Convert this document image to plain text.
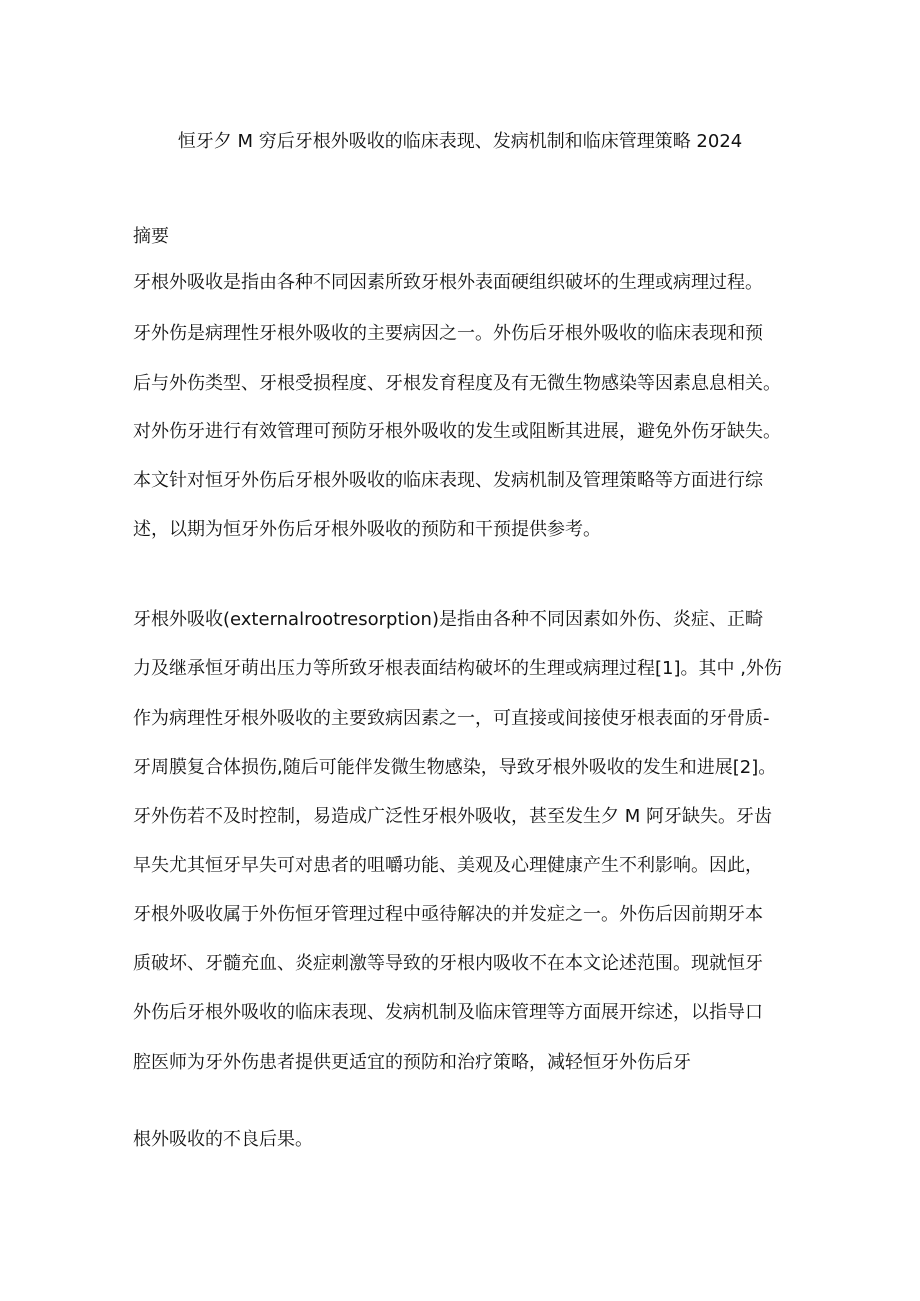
恒牙夕 M 穷后牙根外吸收的临床表现、发病机制和临床管理策略 2024
摘要
牙根外吸收是指由各种不同因素所致牙根外表面硬组织破坏的生理或病理过程。
牙外伤是病理性牙根外吸收的主要病因之一。外伤后牙根外吸收的临床表现和预
后与外伤类型、牙根受损程度、牙根发育程度及有无微生物感染等因素息息相关。
对外伤牙进行有效管理可预防牙根外吸收的发生或阻断其进展，避免外伤牙缺失。
本文针对恒牙外伤后牙根外吸收的临床表现、发病机制及管理策略等方面进行综
述，以期为恒牙外伤后牙根外吸收的预防和干预提供参考。
牙根外吸收(externalrootresorption)是指由各种不同因素如外伤、炎症、正畸
力及继承恒牙萌出压力等所致牙根表面结构破坏的生理或病理过程[1]。其中 ,外伤
作为病理性牙根外吸收的主要致病因素之一，可直接或间接使牙根表面的牙骨质-
牙周膜复合体损伤,随后可能伴发微生物感染，导致牙根外吸收的发生和进展[2]。
牙外伤若不及时控制，易造成广泛性牙根外吸收，甚至发生夕 M 阿牙缺失。牙齿
早失尤其恒牙早失可对患者的咀嚼功能、美观及心理健康产生不利影响。因此，
牙根外吸收属于外伤恒牙管理过程中亟待解决的并发症之一。外伤后因前期牙本
质破坏、牙髓充血、炎症刺激等导致的牙根内吸收不在本文论述范围。现就恒牙
外伤后牙根外吸收的临床表现、发病机制及临床管理等方面展开综述，以指导口
腔医师为牙外伤患者提供更适宜的预防和治疗策略，减轻恒牙外伤后牙
根外吸收的不良后果。
